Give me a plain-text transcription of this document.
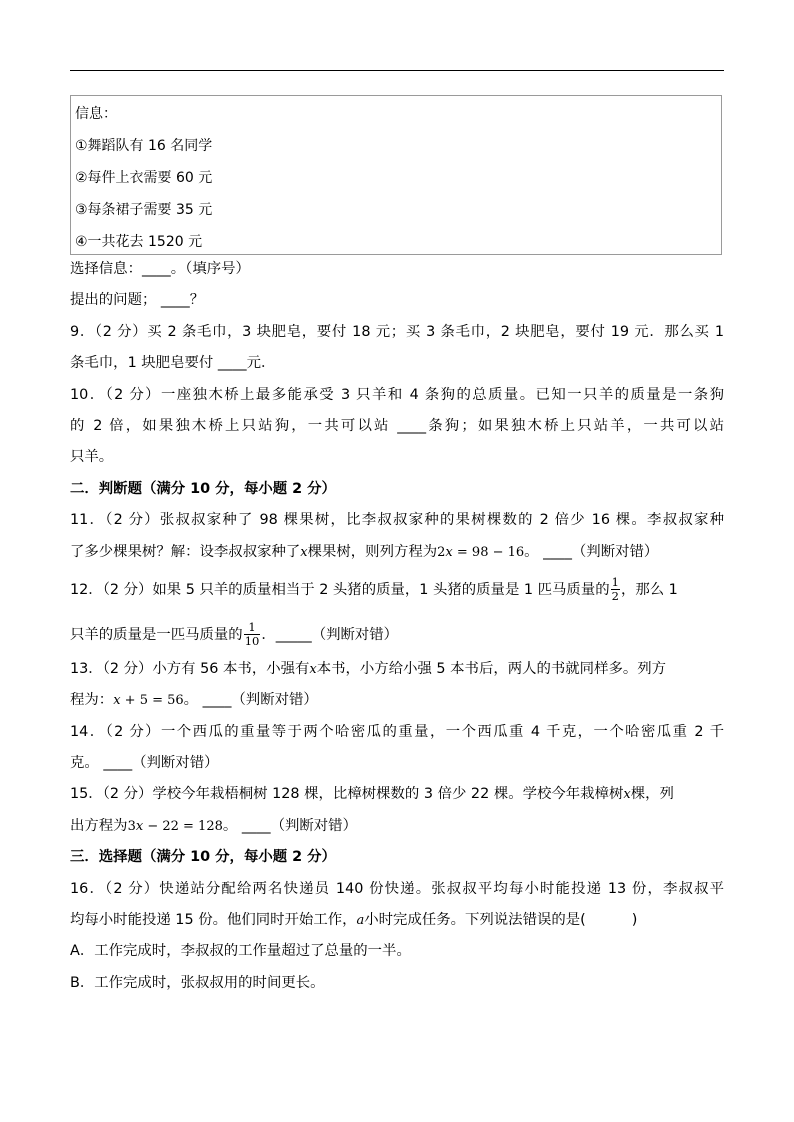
信息：
①舞蹈队有 16 名同学
②每件上衣需要 60 元
③每条裙子需要 35 元
④一共花去 1520 元
选择信息：____。（填序号）
提出的问题； ____？
9．（2 分）买 2 条毛巾，3 块肥皂，要付 18 元；买 3 条毛巾，2 块肥皂，要付 19 元．那么买 1
条毛巾，1 块肥皂要付 ____元．
10．（2 分）一座独木桥上最多能承受 3 只羊和 4 条狗的总质量。已知一只羊的质量是一条狗
的 2 倍，如果独木桥上只站狗，一共可以站 ____条狗；如果独木桥上只站羊，一共可以站
只羊。
二．判断题（满分 10 分，每小题 2 分）
11．（2 分）张叔叔家种了 98 棵果树，比李叔叔家种的果树棵数的 2 倍少 16 棵。李叔叔家种
了多少棵果树？解：设李叔叔家种了x棵果树，则列方程为2x = 98 − 16。 ____（判断对错）
12．（2 分）如果 5 只羊的质量相当于 2 头猪的质量，1 头猪的质量是 1 匹马质量的 $\frac{1}{2}$ ，那么 1
只羊的质量是一匹马质量的 $\frac{1}{10}$ ．_____（判断对错）
13．（2 分）小方有 56 本书，小强有x本书，小方给小强 5 本书后，两人的书就同样多。列方
程为：x + 5 = 56。 ____（判断对错）
14．（2 分）一个西瓜的重量等于两个哈密瓜的重量，一个西瓜重 4 千克，一个哈密瓜重 2 千
克。 ____（判断对错）
15．（2 分）学校今年栽梧桐树 128 棵，比樟树棵数的 3 倍少 22 棵。学校今年栽樟树x棵，列
出方程为3x − 22 = 128。 ____（判断对错）
三．选择题（满分 10 分，每小题 2 分）
16．（2 分）快递站分配给两名快递员 140 份快递。张叔叔平均每小时能投递 13 份，李叔叔平
均每小时能投递 15 份。他们同时开始工作，a小时完成任务。下列说法错误的是(	)
A．工作完成时，李叔叔的工作量超过了总量的一半。
B．工作完成时，张叔叔用的时间更长。
